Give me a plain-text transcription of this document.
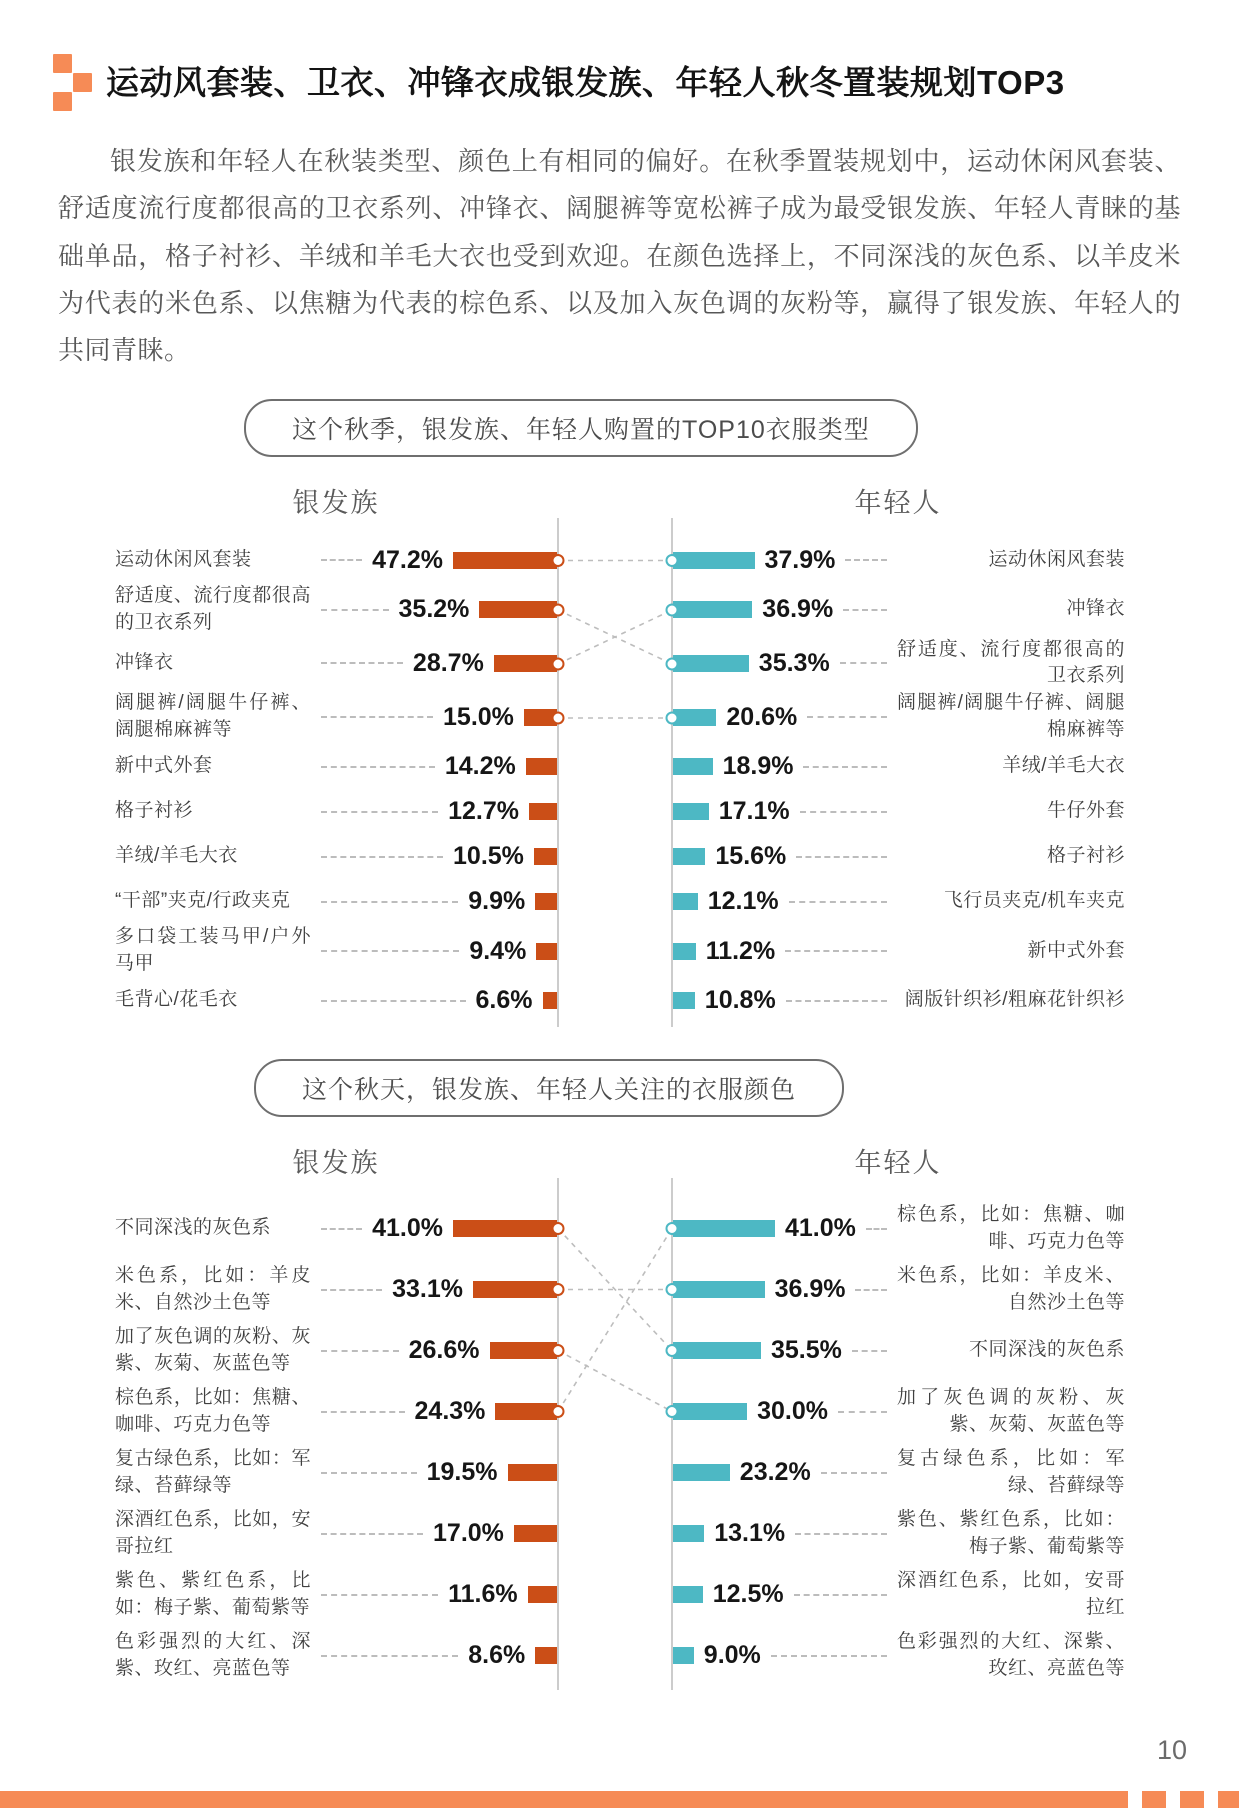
运动风套装、卫衣、冲锋衣成银发族、年轻人秋冬置装规划TOP3

银发族和年轻人在秋装类型、颜色上有相同的偏好。在秋季置装规划中，运动休闲风套装、舒适度流行度都很高的卫衣系列、冲锋衣、阔腿裤等宽松裤子成为最受银发族、年轻人青睐的基础单品，格子衬衫、羊绒和羊毛大衣也受到欢迎。在颜色选择上，不同深浅的灰色系、以羊皮米为代表的米色系、以焦糖为代表的棕色系、以及加入灰色调的灰粉等，赢得了银发族、年轻人的共同青睐。

这个秋季，银发族、年轻人购置的TOP10衣服类型
银发族	年轻人
运动休闲风套装	47.2%	37.9%	运动休闲风套装
舒适度、流行度都很高的卫衣系列	35.2%	36.9%	冲锋衣
冲锋衣	28.7%	35.3%	舒适度、流行度都很高的卫衣系列
阔腿裤/阔腿牛仔裤、阔腿棉麻裤等	15.0%	20.6%	阔腿裤/阔腿牛仔裤、阔腿棉麻裤等
新中式外套	14.2%	18.9%	羊绒/羊毛大衣
格子衬衫	12.7%	17.1%	牛仔外套
羊绒/羊毛大衣	10.5%	15.6%	格子衬衫
“干部”夹克/行政夹克	9.9%	12.1%	飞行员夹克/机车夹克
多口袋工装马甲/户外马甲	9.4%	11.2%	新中式外套
毛背心/花毛衣	6.6%	10.8%	阔版针织衫/粗麻花针织衫
这个秋天，银发族、年轻人关注的衣服颜色
银发族	年轻人
不同深浅的灰色系	41.0%	41.0% 棕色系，比如：焦糖、咖啡、巧克力色等
米色系，比如：羊皮米、自然沙土色等	33.1%	36.9%	米色系，比如：羊皮米、自然沙土色等
加了灰色调的灰粉、灰紫、灰菊、灰蓝色等	26.6%	35.5%	不同深浅的灰色系
棕色系，比如：焦糖、咖啡、巧克力色等	24.3%	30.0%	加了灰色调的灰粉、灰紫、灰菊、灰蓝色等
复古绿色系，比如：军绿、苔藓绿等	19.5%	23.2%	复古绿色系，比如：军绿、苔藓绿等
深酒红色系，比如，安哥拉红	17.0%	13.1%	紫色、紫红色系，比如：梅子紫、葡萄紫等
紫色、紫红色系，比如：梅子紫、葡萄紫等	11.6%	12.5%	深酒红色系，比如，安哥拉红
色彩强烈的大红、深紫、玫红、亮蓝色等	8.6%	9.0%	色彩强烈的大红、深紫、玫红、亮蓝色等
10
